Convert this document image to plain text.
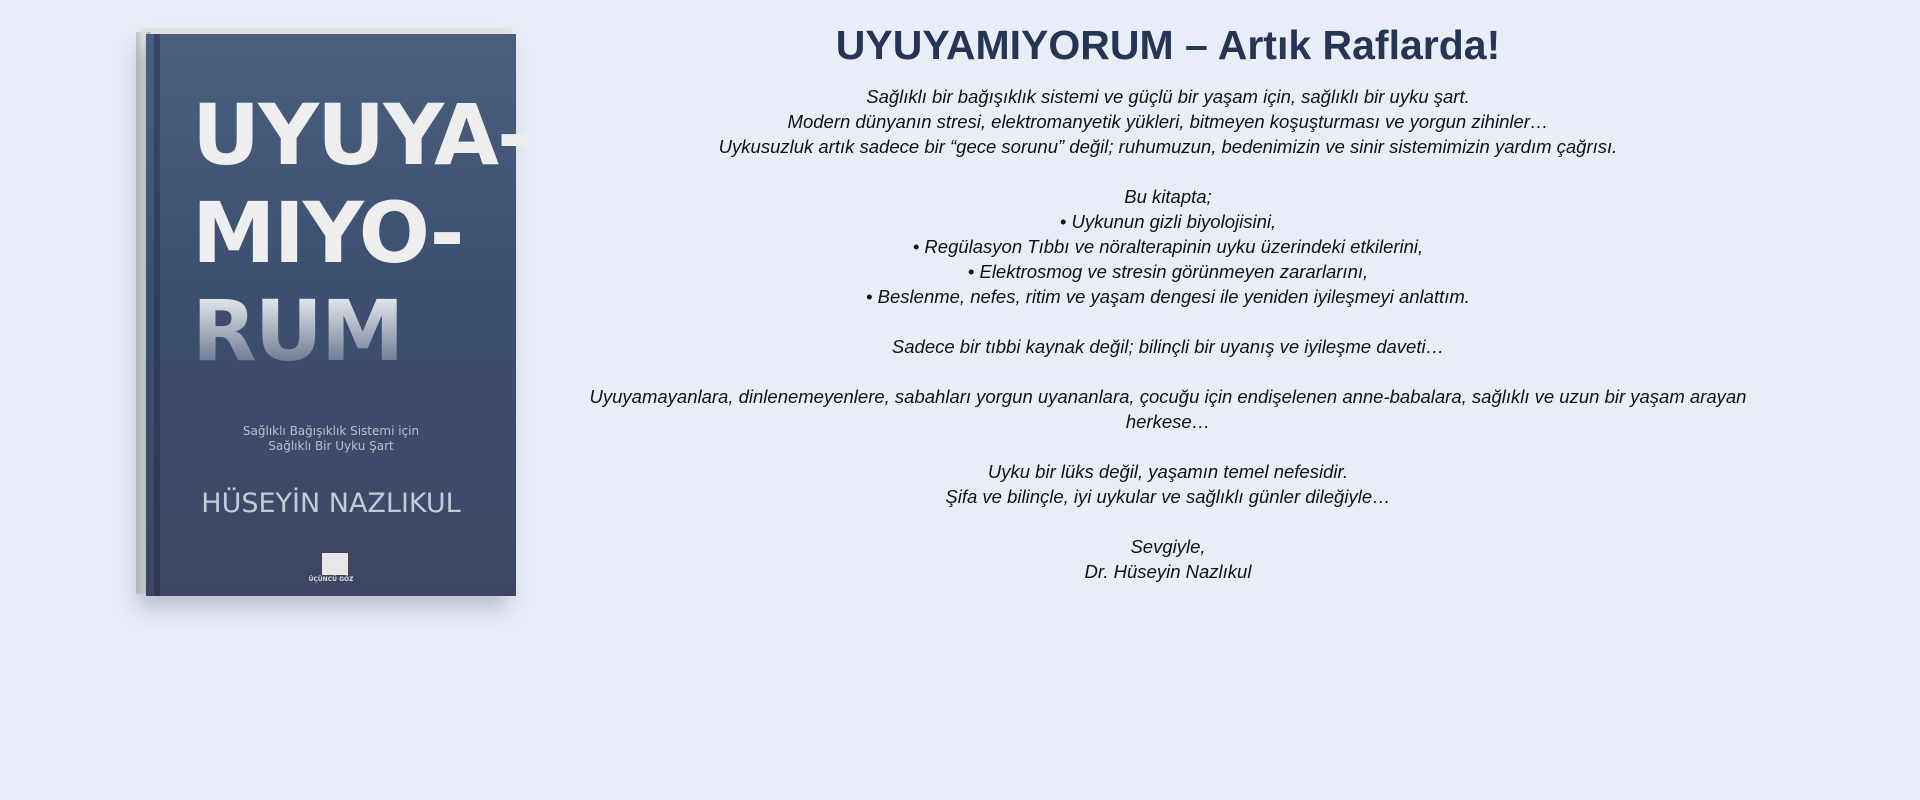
UYUYA-
MIYO-
RUM
Sağlıklı Bağışıklık Sistemi için
Sağlıklı Bir Uyku Şart
HÜSEYİN NAZLIKUL
ÜÇÜNCÜ GÖZ
UYUYAMIYORUM – Artık Raflarda!

Sağlıklı bir bağışıklık sistemi ve güçlü bir yaşam için, sağlıklı bir uyku şart.
Modern dünyanın stresi, elektromanyetik yükleri, bitmeyen koşuşturması ve yorgun zihinler…
Uykusuzluk artık sadece bir “gece sorunu” değil; ruhumuzun, bedenimizin ve sinir sistemimizin yardım çağrısı.

Bu kitapta;
• Uykunun gizli biyolojisini,
• Regülasyon Tıbbı ve nöralterapinin uyku üzerindeki etkilerini,
• Elektrosmog ve stresin görünmeyen zararlarını,
• Beslenme, nefes, ritim ve yaşam dengesi ile yeniden iyileşmeyi anlattım.

Sadece bir tıbbi kaynak değil; bilinçli bir uyanış ve iyileşme daveti…

Uyuyamayanlara, dinlenemeyenlere, sabahları yorgun uyananlara, çocuğu için endişelenen anne-babalara, sağlıklı ve uzun bir yaşam arayan herkese…

Uyku bir lüks değil, yaşamın temel nefesidir.
Şifa ve bilinçle, iyi uykular ve sağlıklı günler dileğiyle…

Sevgiyle,
Dr. Hüseyin Nazlıkul
